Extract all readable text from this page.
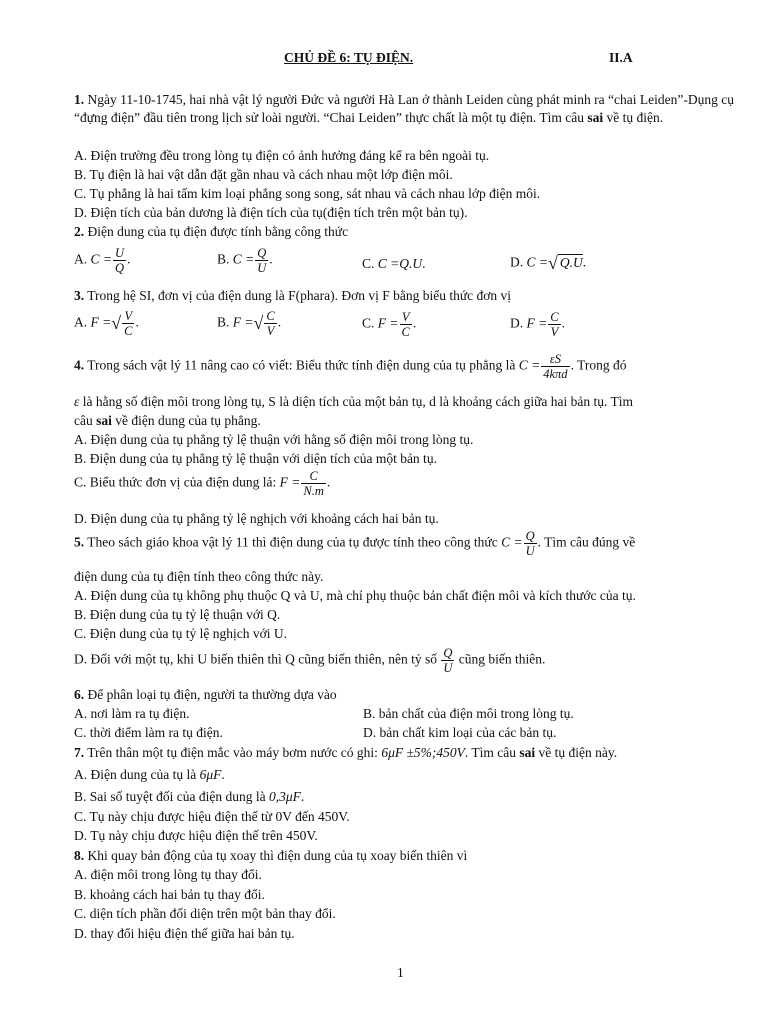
CHỦ ĐỀ 6: TỤ ĐIỆN.	II.A
1. Ngày 11-10-1745, hai nhà vật lý người Đức và người Hà Lan ở thành Leiden cùng phát minh ra “chai Leiden”-Dụng cụ “đựng điện” đầu tiên trong lịch sử loài người. “Chai Leiden” thực chất là một tụ điện. Tìm câu sai về tụ điện.
A. Điện trường đều trong lòng tụ điện có ảnh hưởng đáng kể ra bên ngoài tụ.
B. Tụ điện là hai vật dẫn đặt gần nhau và cách nhau một lớp điện môi.
C. Tụ phẳng là hai tấm kim loại phẳng song song, sát nhau và cách nhau lớp điện môi.
D. Điện tích của bản dương là điện tích của tụ(điện tích trên một bản tụ).
2. Điện dung của tụ điện được tính bằng công thức
A. $C = \frac{U}{Q}$ .	B. $C = \frac{Q}{U}$ .	C. C =Q.U.	D. C =√ Q.U.
3. Trong hệ SI, đơn vị của điện dung là F(phara). Đơn vị F bằng biểu thức đơn vị
A. F =√ $\frac{V}{C}$ .	B. F =√ $\frac{C}{V}$ .	C. $F = \frac{V}{C}$ .	D. $F = \frac{C}{V}$ .
4. Trong sách vật lý 11 nâng cao có viết: Biểu thức tính điện dung của tụ phẳng là $C = \frac{\varepsilon S}{\text{4kπd}}$ . Trong đó
ε là hằng số điện môi trong lòng tụ, S là diện tích của một bản tụ, d là khoảng cách giữa hai bản tụ. Tìm
câu sai về điện dung của tụ phẳng.
A. Điện dung của tụ phẳng tỷ lệ thuận với hằng số điện môi trong lòng tụ.
B. Điện dung của tụ phẳng tỷ lệ thuận với diện tích của một bản tụ.
C. Biểu thức đơn vị của điện dung lả: $F = \frac{C}{N.m}$ .
D. Điện dung của tụ phẳng tỷ lệ nghịch với khoảng cách hai bản tụ.
5. Theo sách giáo khoa vật lý 11 thì điện dung của tụ được tính theo công thức $C = \frac{Q}{U}$ . Tìm câu đúng về
điện dung của tụ điện tính theo công thức này.
A. Điện dung của tụ không phụ thuộc Q và U, mà chỉ phụ thuộc bản chất điện môi và kích thước của tụ.
B. Điện dung của tụ tỷ lệ thuận với Q.
C. Điện dung của tụ tỷ lệ nghịch với U.
D. Đối với một tụ, khi U biến thiên thì Q cũng biến thiên, nên tỷ số $\frac{Q}{U}$ cũng biến thiên.
6. Để phân loại tụ điện, người ta thường dựa vào
A. nơi làm ra tụ điện.	B. bản chất của điện môi trong lòng tụ.
C. thời điểm làm ra tụ điện.	D. bản chất kim loại của các bản tụ.
7. Trên thân một tụ điện mắc vào máy bơm nước có ghi: 6μF ±5%;450V. Tìm câu sai về tụ điện này.
A. Điện dung của tụ là 6μF.
B. Sai số tuyệt đối của điện dung là 0,3μF.
C. Tụ này chịu được hiệu điện thế từ 0V đến 450V.
D. Tụ này chịu được hiệu điện thế trên 450V.
8. Khi quay bản động của tụ xoay thì điện dung của tụ xoay biến thiên vì
A. điện môi trong lòng tụ thay đổi.
B. khoảng cách hai bản tụ thay đổi.
C. diện tích phần đối diện trên một bản thay đổi.
D. thay đổi hiệu điện thế giữa hai bản tụ.
1
